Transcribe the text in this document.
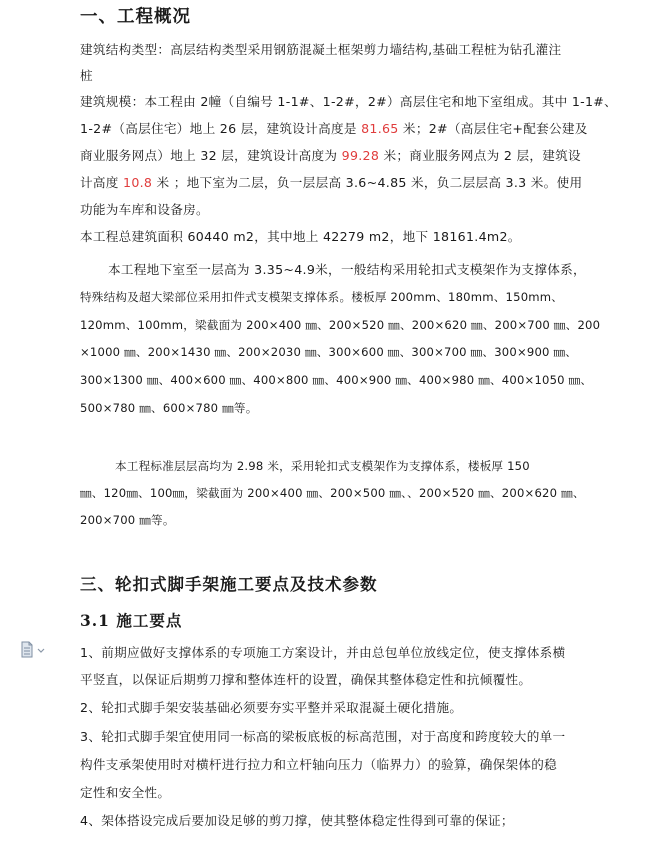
一、工程概况
建筑结构类型：高层结构类型采用钢筋混凝土框架剪力墙结构,基础工程桩为钻孔灌注
桩
建筑规模：本工程由 2幢（自编号 1-1#、1-2#，2#）高层住宅和地下室组成。其中 1-1#、
1-2#（高层住宅）地上 26 层，建筑设计高度是 81.65 米；2#（高层住宅+配套公建及
商业服务网点）地上 32 层，建筑设计高度为 99.28 米；商业服务网点为 2 层，建筑设
计高度 10.8 米 ；地下室为二层，负一层层高 3.6~4.85 米，负二层层高 3.3 米。使用
功能为车库和设备房。
本工程总建筑面积 60440 m2，其中地上 42279 m2，地下 18161.4m2。
本工程地下室至一层高为 3.35~4.9米，一般结构采用轮扣式支模架作为支撑体系，
特殊结构及超大梁部位采用扣件式支模架支撑体系。楼板厚 200mm、180mm、150mm、
120mm、100mm，梁截面为 200×400 ㎜、200×520 ㎜、200×620 ㎜、200×700 ㎜、200
×1000 ㎜、200×1430 ㎜、200×2030 ㎜、300×600 ㎜、300×700 ㎜、300×900 ㎜、
300×1300 ㎜、400×600 ㎜、400×800 ㎜、400×900 ㎜、400×980 ㎜、400×1050 ㎜、
500×780 ㎜、600×780 ㎜等。
本工程标准层层高均为 2.98 米，采用轮扣式支模架作为支撑体系，楼板厚 150
㎜、120㎜、100㎜，梁截面为 200×400 ㎜、200×500 ㎜、、200×520 ㎜、200×620 ㎜、
200×700 ㎜等。
三、轮扣式脚手架施工要点及技术参数
3.1 施工要点
1、前期应做好支撑体系的专项施工方案设计，并由总包单位放线定位，使支撑体系横
平竖直，以保证后期剪刀撑和整体连杆的设置，确保其整体稳定性和抗倾覆性。
2、轮扣式脚手架安装基础必须要夯实平整并采取混凝土硬化措施。
3、轮扣式脚手架宜使用同一标高的梁板底板的标高范围，对于高度和跨度较大的单一
构件支承架使用时对横杆进行拉力和立杆轴向压力（临界力）的验算，确保架体的稳
定性和安全性。
4、架体搭设完成后要加设足够的剪刀撑，使其整体稳定性得到可靠的保证；
